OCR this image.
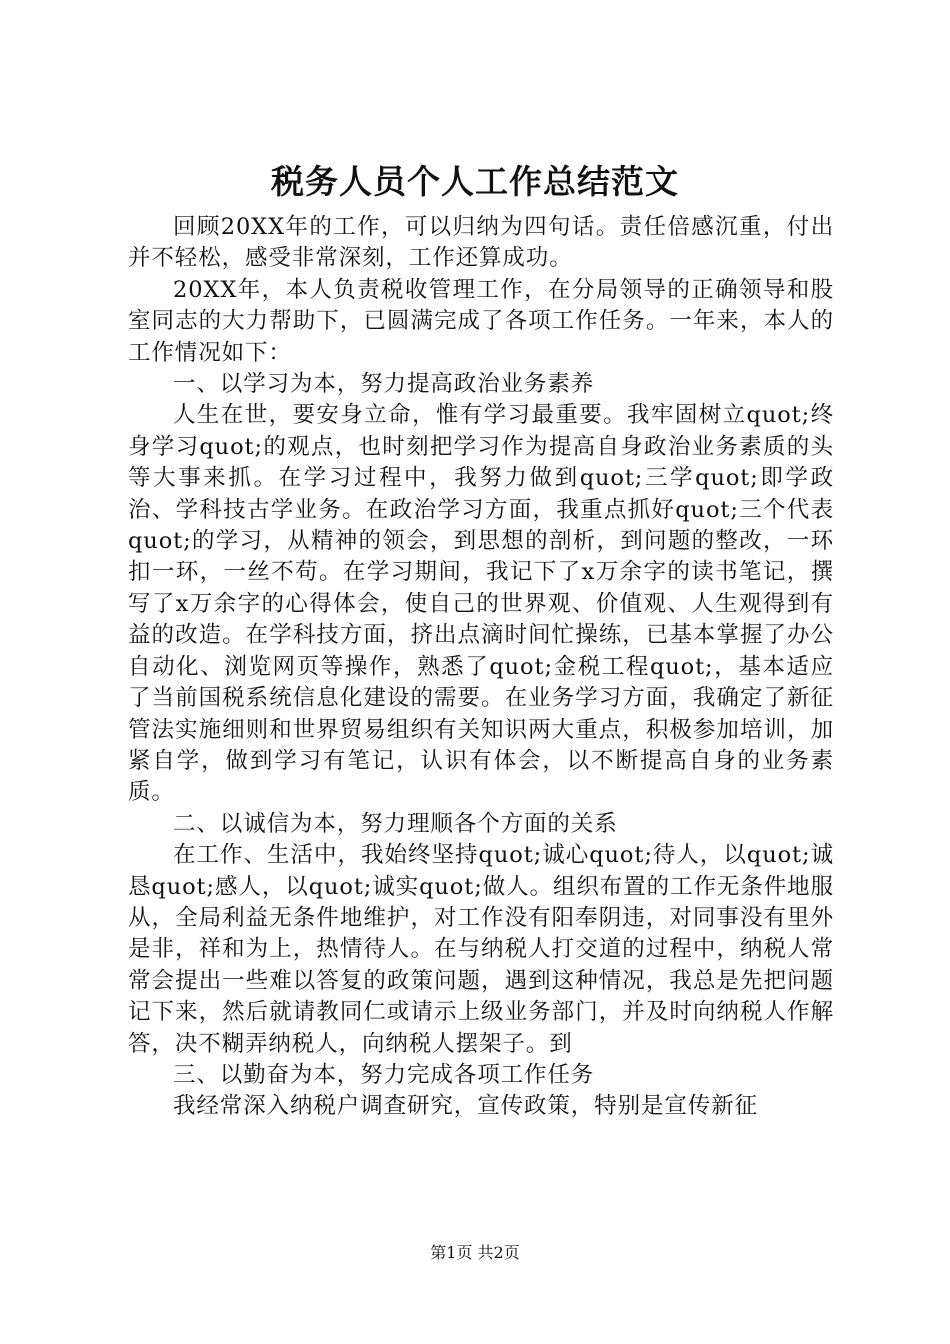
税务人员个人工作总结范文

回顾20XX年的工作，可以归纳为四句话。责任倍感沉重，付出并不轻松，感受非常深刻，工作还算成功。

20XX年，本人负责税收管理工作，在分局领导的正确领导和股室同志的大力帮助下，已圆满完成了各项工作任务。一年来，本人的工作情况如下：

一、以学习为本，努力提高政治业务素养

人生在世，要安身立命，惟有学习最重要。我牢固树立quot;终身学习quot;的观点，也时刻把学习作为提高自身政治业务素质的头等大事来抓。在学习过程中，我努力做到quot;三学quot;即学政治、学科技古学业务。在政治学习方面，我重点抓好quot;三个代表quot;的学习，从精神的领会，到思想的剖析，到问题的整改，一环扣一环，一丝不苟。在学习期间，我记下了x万余字的读书笔记，撰写了x万余字的心得体会，使自己的世界观、价值观、人生观得到有益的改造。在学科技方面，挤出点滴时间忙操练，已基本掌握了办公自动化、浏览网页等操作，熟悉了quot;金税工程quot;，基本适应了当前国税系统信息化建设的需要。在业务学习方面，我确定了新征管法实施细则和世界贸易组织有关知识两大重点，积极参加培训，加紧自学，做到学习有笔记，认识有体会，以不断提高自身的业务素质。

二、以诚信为本，努力理顺各个方面的关系

在工作、生活中，我始终坚持quot;诚心quot;待人，以quot;诚恳quot;感人，以quot;诚实quot;做人。组织布置的工作无条件地服从，全局利益无条件地维护，对工作没有阳奉阴违，对同事没有里外是非，祥和为上，热情待人。在与纳税人打交道的过程中，纳税人常常会提出一些难以答复的政策问题，遇到这种情况，我总是先把问题记下来，然后就请教同仁或请示上级业务部门，并及时向纳税人作解答，决不糊弄纳税人，向纳税人摆架子。到

三、以勤奋为本，努力完成各项工作任务

我经常深入纳税户调查研究，宣传政策，特别是宣传新征

第1页 共2页
